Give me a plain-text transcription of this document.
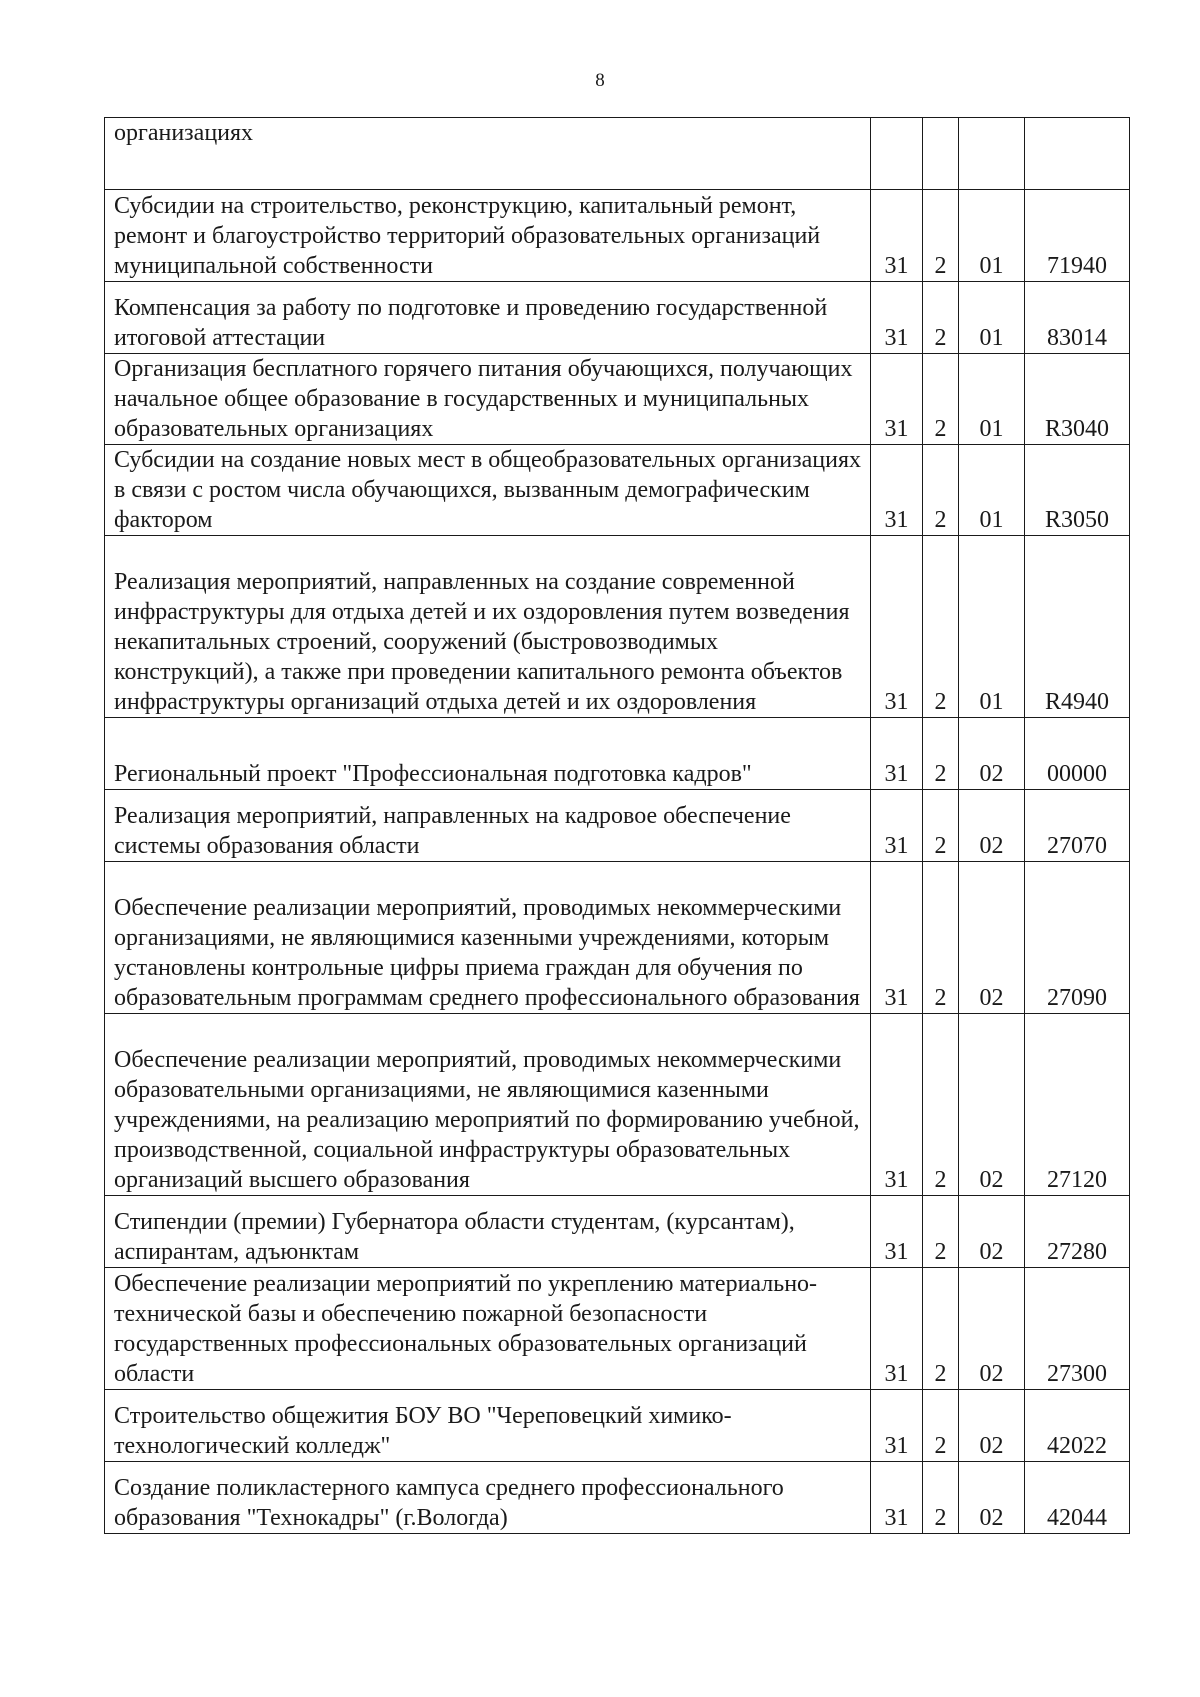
8
организациях				
Субсидии на строительство, реконструкцию, капитальный ремонт, ремонт и благоустройство территорий образовательных организаций муниципальной собственности	31	2	01	71940
Компенсация за работу по подготовке и проведению государственной итоговой аттестации	31	2	01	83014
Организация бесплатного горячего питания обучающихся, получающих начальное общее образование в государственных и муниципальных образовательных организациях	31	2	01	R3040
Субсидии на создание новых мест в общеобразовательных организациях в связи с ростом числа обучающихся, вызванным демографическим фактором	31	2	01	R3050
Реализация мероприятий, направленных на создание современной инфраструктуры для отдыха детей и их оздоровления путем возведения некапитальных строений, сооружений (быстровозводимых конструкций), а также при проведении капитального ремонта объектов инфраструктуры организаций отдыха детей и их оздоровления	31	2	01	R4940
Региональный проект "Профессиональная подготовка кадров"	31	2	02	00000
Реализация мероприятий, направленных на кадровое обеспечение системы образования области	31	2	02	27070
Обеспечение реализации мероприятий, проводимых некоммерческими организациями, не являющимися казенными учреждениями, которым установлены контрольные цифры приема граждан для обучения по образовательным программам среднего профессионального образования	31	2	02	27090
Обеспечение реализации мероприятий, проводимых некоммерческими образовательными организациями, не являющимися казенными учреждениями, на реализацию мероприятий по формированию учебной, производственной, социальной инфраструктуры образовательных организаций высшего образования	31	2	02	27120
Стипендии (премии) Губернатора области студентам, (курсантам), аспирантам, адъюнктам	31	2	02	27280
Обеспечение реализации мероприятий по укреплению материально-технической базы и обеспечению пожарной безопасности государственных профессиональных образовательных организаций области	31	2	02	27300
Строительство общежития БОУ ВО "Череповецкий химико-технологический колледж"	31	2	02	42022
Создание поликластерного кампуса среднего профессионального образования "Технокадры" (г.Вологда)	31	2	02	42044
